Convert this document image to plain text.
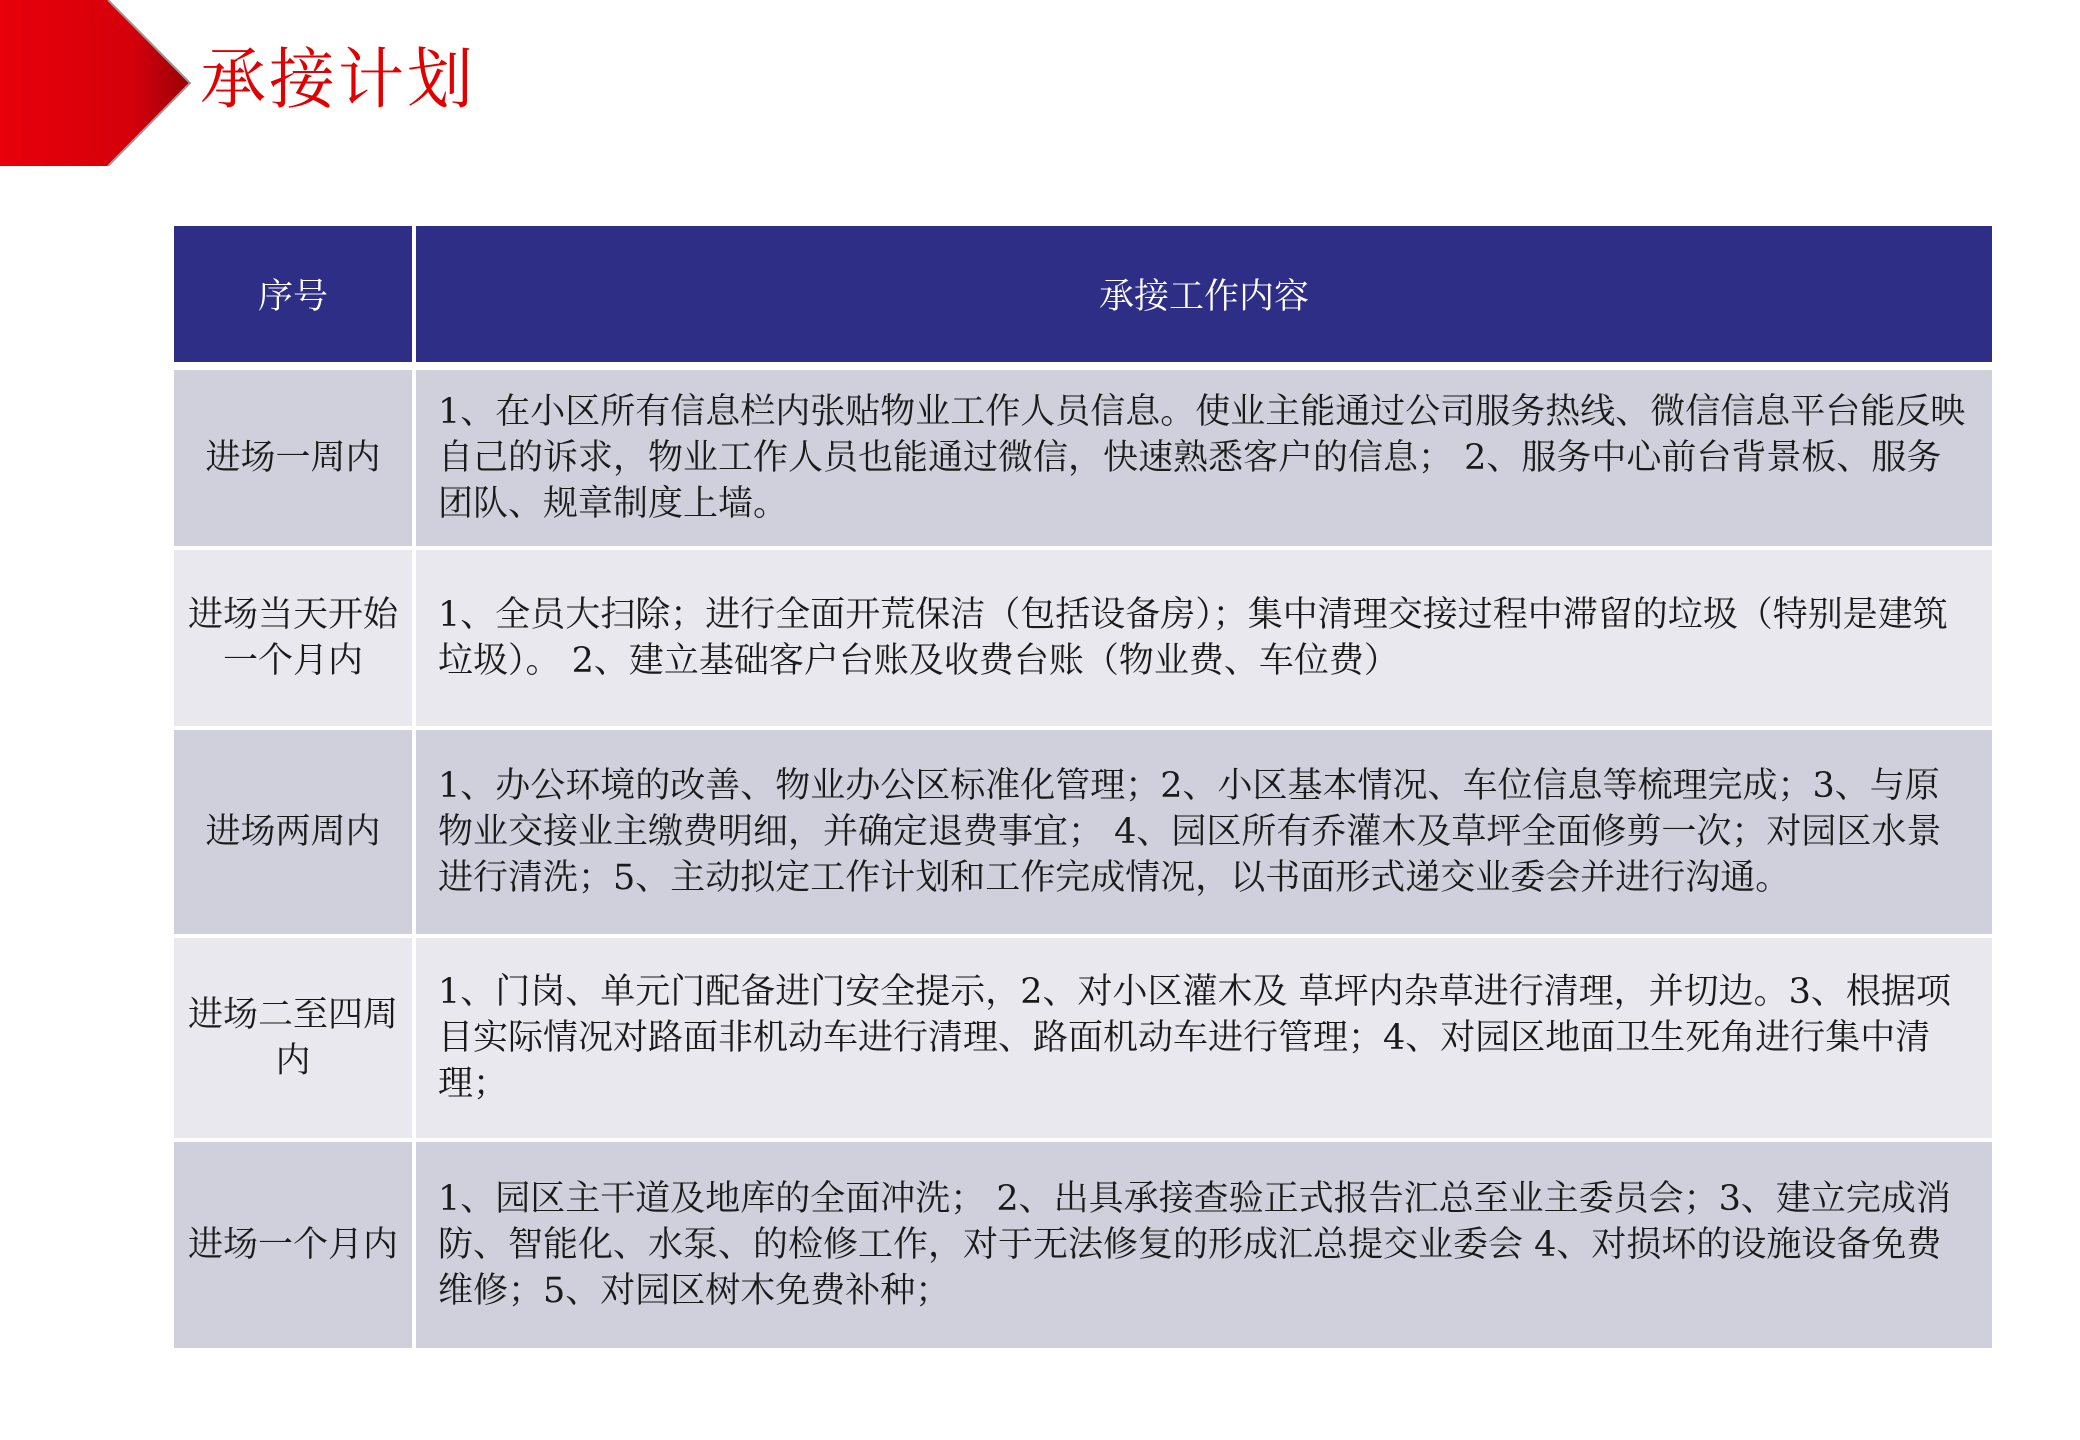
承接计划
序号	承接工作内容

进场一周内	1、在小区所有信息栏内张贴物业工作人员信息。使业主能通过公司服务热线、微信信息平台能反映自己的诉求，物业工作人员也能通过微信，快速熟悉客户的信息； 2、服务中心前台背景板、服务团队、规章制度上墙。

进场当天开始一个月内	1、全员大扫除；进行全面开荒保洁（包括设备房）；集中清理交接过程中滞留的垃圾（特别是建筑垃圾）。 2、建立基础客户台账及收费台账（物业费、车位费）

进场两周内	1、办公环境的改善、物业办公区标准化管理；2、小区基本情况、车位信息等梳理完成；3、与原物业交接业主缴费明细，并确定退费事宜； 4、园区所有乔灌木及草坪全面修剪一次；对园区水景进行清洗；5、主动拟定工作计划和工作完成情况，以书面形式递交业委会并进行沟通。

进场二至四周内	1、门岗、单元门配备进门安全提示，2、对小区灌木及 草坪内杂草进行清理，并切边。3、根据项目实际情况对路面非机动车进行清理、路面机动车进行管理；4、对园区地面卫生死角进行集中清理；

进场一个月内	1、园区主干道及地库的全面冲洗； 2、出具承接查验正式报告汇总至业主委员会；3、建立完成消防、智能化、水泵、的检修工作，对于无法修复的形成汇总提交业委会 4、对损坏的设施设备免费维修；5、对园区树木免费补种；
